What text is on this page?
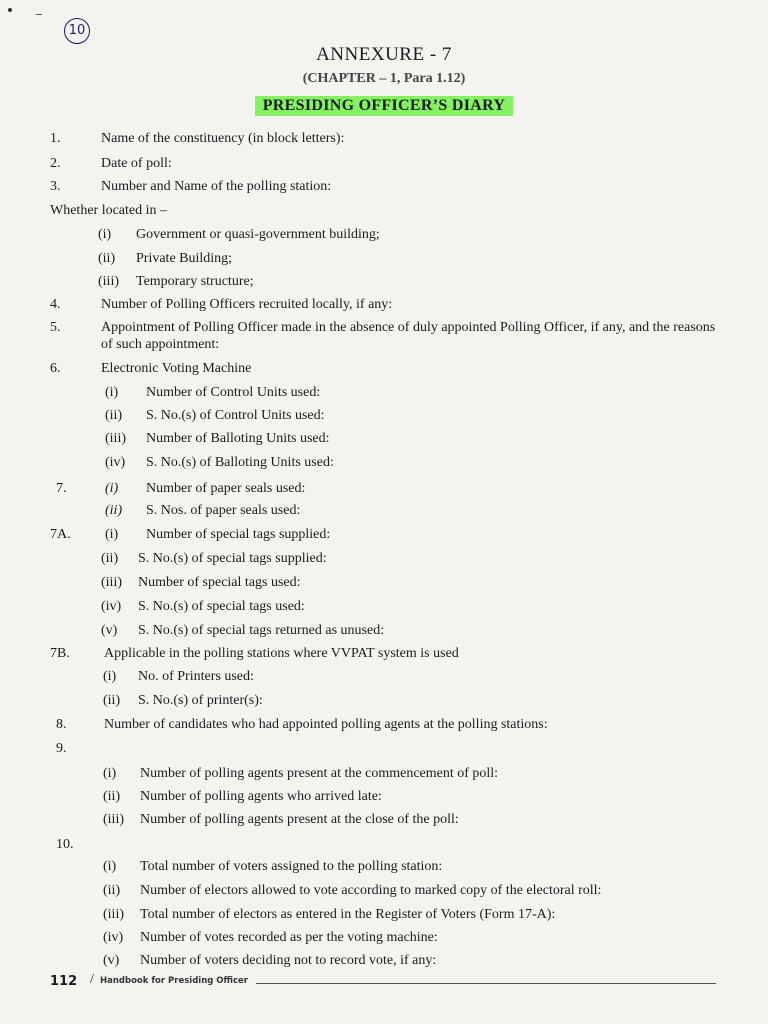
10
ANNEXURE - 7
(CHAPTER – 1, Para 1.12)
PRESIDING OFFICER’S DIARY
1.	Name of the constituency (in block letters):
2.	Date of poll:
3.	Number and Name of the polling station:
Whether located in –
(i) Government or quasi-government building;
(ii) Private Building;
(iii) Temporary structure;
4.	Number of Polling Officers recruited locally, if any:
5.	Appointment of Polling Officer made in the absence of duly appointed Polling Officer, if any, and the reasons of such appointment:
6.	Electronic Voting Machine
(i) Number of Control Units used:
(ii) S. No.(s) of Control Units used:
(iii) Number of Balloting Units used:
(iv) S. No.(s) of Balloting Units used:
7.	(i) Number of paper seals used:
(ii) S. Nos. of paper seals used:
7A. (i) Number of special tags supplied:
(ii) S. No.(s) of special tags supplied:
(iii) Number of special tags used:
(iv) S. No.(s) of special tags used:
(v) S. No.(s) of special tags returned as unused:
7B. Applicable in the polling stations where VVPAT system is used
(i) No. of Printers used:
(ii) S. No.(s) of printer(s):
8.	Number of candidates who had appointed polling agents at the polling stations:
9.
(i) Number of polling agents present at the commencement of poll:
(ii) Number of polling agents who arrived late:
(iii) Number of polling agents present at the close of the poll:
10.
(i) Total number of voters assigned to the polling station:
(ii) Number of electors allowed to vote according to marked copy of the electoral roll:
(iii) Total number of electors as entered in the Register of Voters (Form 17-A):
(iv) Number of votes recorded as per the voting machine:
(v) Number of voters deciding not to record vote, if any:
112 / Handbook for Presiding Officer
